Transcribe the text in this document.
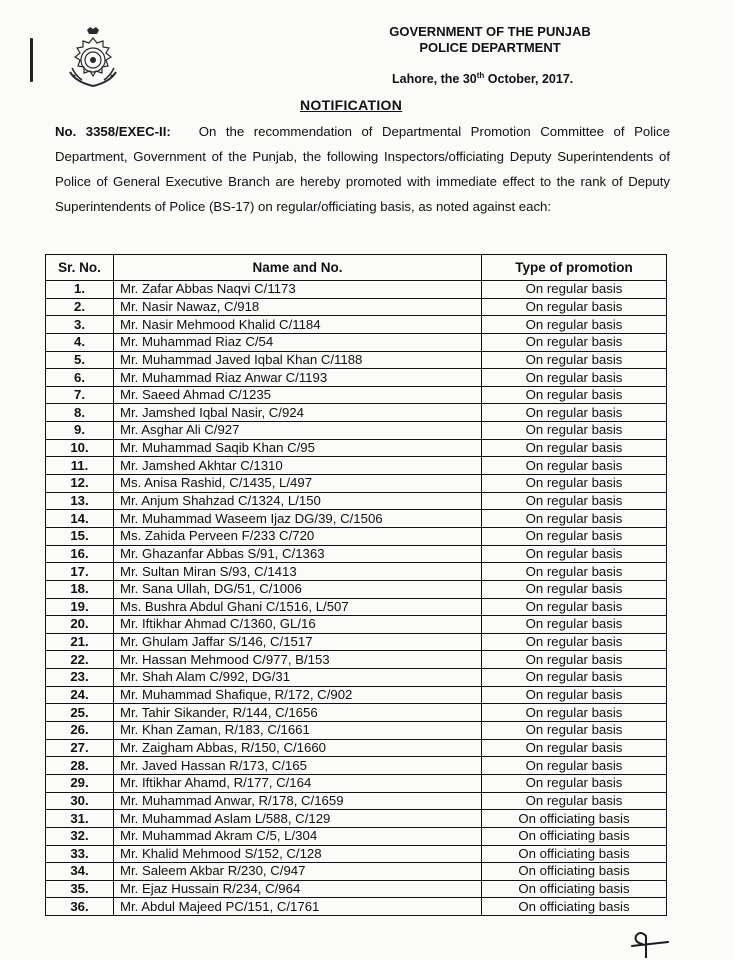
GOVERNMENT OF THE PUNJAB
POLICE DEPARTMENT
Lahore, the 30th October, 2017.
NOTIFICATION
No. 3358/EXEC-II: On the recommendation of Departmental Promotion Committee of Police Department, Government of the Punjab, the following Inspectors/officiating Deputy Superintendents of Police of General Executive Branch are hereby promoted with immediate effect to the rank of Deputy Superintendents of Police (BS-17) on regular/officiating basis, as noted against each:
Sr. No.	Name and No.	Type of promotion
1.	Mr. Zafar Abbas Naqvi C/1173	On regular basis
2.	Mr. Nasir Nawaz, C/918	On regular basis
3.	Mr. Nasir Mehmood Khalid C/1184	On regular basis
4.	Mr. Muhammad Riaz C/54	On regular basis
5.	Mr. Muhammad Javed Iqbal Khan C/1188	On regular basis
6.	Mr. Muhammad Riaz Anwar C/1193	On regular basis
7.	Mr. Saeed Ahmad C/1235	On regular basis
8.	Mr. Jamshed Iqbal Nasir, C/924	On regular basis
9.	Mr. Asghar Ali C/927	On regular basis
10.	Mr. Muhammad Saqib Khan C/95	On regular basis
11.	Mr. Jamshed Akhtar C/1310	On regular basis
12.	Ms. Anisa Rashid, C/1435, L/497	On regular basis
13.	Mr. Anjum Shahzad C/1324, L/150	On regular basis
14.	Mr. Muhammad Waseem Ijaz DG/39, C/1506	On regular basis
15.	Ms. Zahida Perveen F/233 C/720	On regular basis
16.	Mr. Ghazanfar Abbas S/91, C/1363	On regular basis
17.	Mr. Sultan Miran S/93, C/1413	On regular basis
18.	Mr. Sana Ullah, DG/51, C/1006	On regular basis
19.	Ms. Bushra Abdul Ghani C/1516, L/507	On regular basis
20.	Mr. Iftikhar Ahmad C/1360, GL/16	On regular basis
21.	Mr. Ghulam Jaffar S/146, C/1517	On regular basis
22.	Mr. Hassan Mehmood C/977, B/153	On regular basis
23.	Mr. Shah Alam C/992, DG/31	On regular basis
24.	Mr. Muhammad Shafique, R/172, C/902	On regular basis
25.	Mr. Tahir Sikander, R/144, C/1656	On regular basis
26.	Mr. Khan Zaman, R/183, C/1661	On regular basis
27.	Mr. Zaigham Abbas, R/150, C/1660	On regular basis
28.	Mr. Javed Hassan R/173, C/165	On regular basis
29.	Mr. Iftikhar Ahamd, R/177, C/164	On regular basis
30.	Mr. Muhammad Anwar, R/178, C/1659	On regular basis
31.	Mr. Muhammad Aslam L/588, C/129	On officiating basis
32.	Mr. Muhammad Akram C/5, L/304	On officiating basis
33.	Mr. Khalid Mehmood S/152, C/128	On officiating basis
34.	Mr. Saleem Akbar R/230, C/947	On officiating basis
35.	Mr. Ejaz Hussain R/234, C/964	On officiating basis
36.	Mr. Abdul Majeed PC/151, C/1761	On officiating basis
